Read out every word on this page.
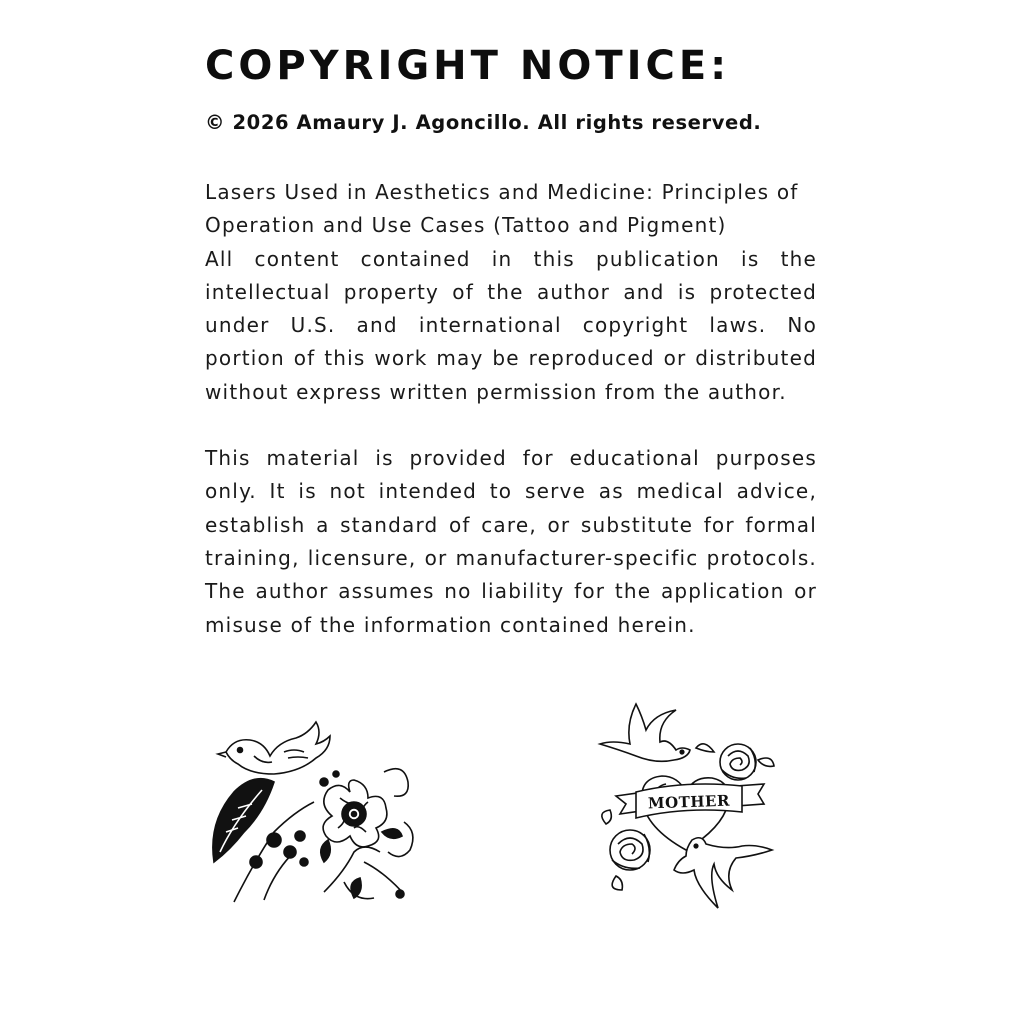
COPYRIGHT NOTICE:

© 2026 Amaury J. Agoncillo. All rights reserved.

Lasers Used in Aesthetics and Medicine: Principles of Operation and Use Cases (Tattoo and Pigment)

All content contained in this publication is the intellectual property of the author and is protected under U.S. and international copyright laws. No portion of this work may be reproduced or distributed without express written permission from the author.

This material is provided for educational purposes only. It is not intended to serve as medical advice, establish a standard of care, or substitute for formal training, licensure, or manufacturer-specific protocols. The author assumes no liability for the application or misuse of the information contained herein.

MOTHER
